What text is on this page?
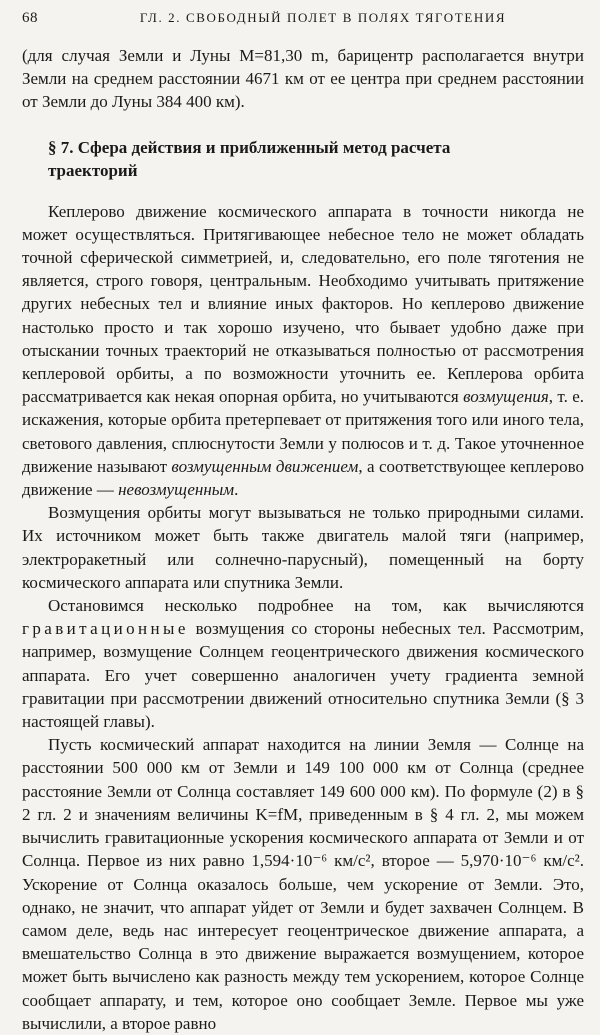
68	ГЛ. 2. СВОБОДНЫЙ ПОЛЕТ В ПОЛЯХ ТЯГОТЕНИЯ

(для случая Земли и Луны M=81,30 m, барицентр располагается внутри Земли на среднем расстоянии 4671 км от ее центра при среднем расстоянии от Земли до Луны 384 400 км).

§ 7. Сфера действия и приближенный метод расчета траекторий

Кеплерово движение космического аппарата в точности никогда не может осуществляться. Притягивающее небесное тело не может обладать точной сферической симметрией, и, следовательно, его поле тяготения не является, строго говоря, центральным. Необходимо учитывать притяжение других небесных тел и влияние иных факторов. Но кеплерово движение настолько просто и так хорошо изучено, что бывает удобно даже при отыскании точных траекторий не отказываться полностью от рассмотрения кеплеровой орбиты, а по возможности уточнить ее. Кеплерова орбита рассматривается как некая опорная орбита, но учитываются возмущения, т. е. искажения, которые орбита претерпевает от притяжения того или иного тела, светового давления, сплюснутости Земли у полюсов и т. д. Такое уточненное движение называют возмущенным движением, а соответствующее кеплерово движение — невозмущенным.

Возмущения орбиты могут вызываться не только природными силами. Их источником может быть также двигатель малой тяги (например, электроракетный или солнечно-парусный), помещенный на борту космического аппарата или спутника Земли.

Остановимся несколько подробнее на том, как вычисляются гравитационные возмущения со стороны небесных тел. Рассмотрим, например, возмущение Солнцем геоцентрического движения космического аппарата. Его учет совершенно аналогичен учету градиента земной гравитации при рассмотрении движений относительно спутника Земли (§ 3 настоящей главы).

Пусть космический аппарат находится на линии Земля — Солнце на расстоянии 500 000 км от Земли и 149 100 000 км от Солнца (среднее расстояние Земли от Солнца составляет 149 600 000 км). По формуле (2) в § 2 гл. 2 и значениям величины K=fM, приведенным в § 4 гл. 2, мы можем вычислить гравитационные ускорения космического аппарата от Земли и от Солнца. Первое из них равно 1,594·10⁻⁶ км/с², второе — 5,970·10⁻⁶ км/с². Ускорение от Солнца оказалось больше, чем ускорение от Земли. Это, однако, не значит, что аппарат уйдет от Земли и будет захвачен Солнцем. В самом деле, ведь нас интересует геоцентрическое движение аппарата, а вмешательство Солнца в это движение выражается возмущением, которое может быть вычислено как разность между тем ускорением, которое Солнце сообщает аппарату, и тем, которое оно сообщает Земле. Первое мы уже вычислили, а второе равно
